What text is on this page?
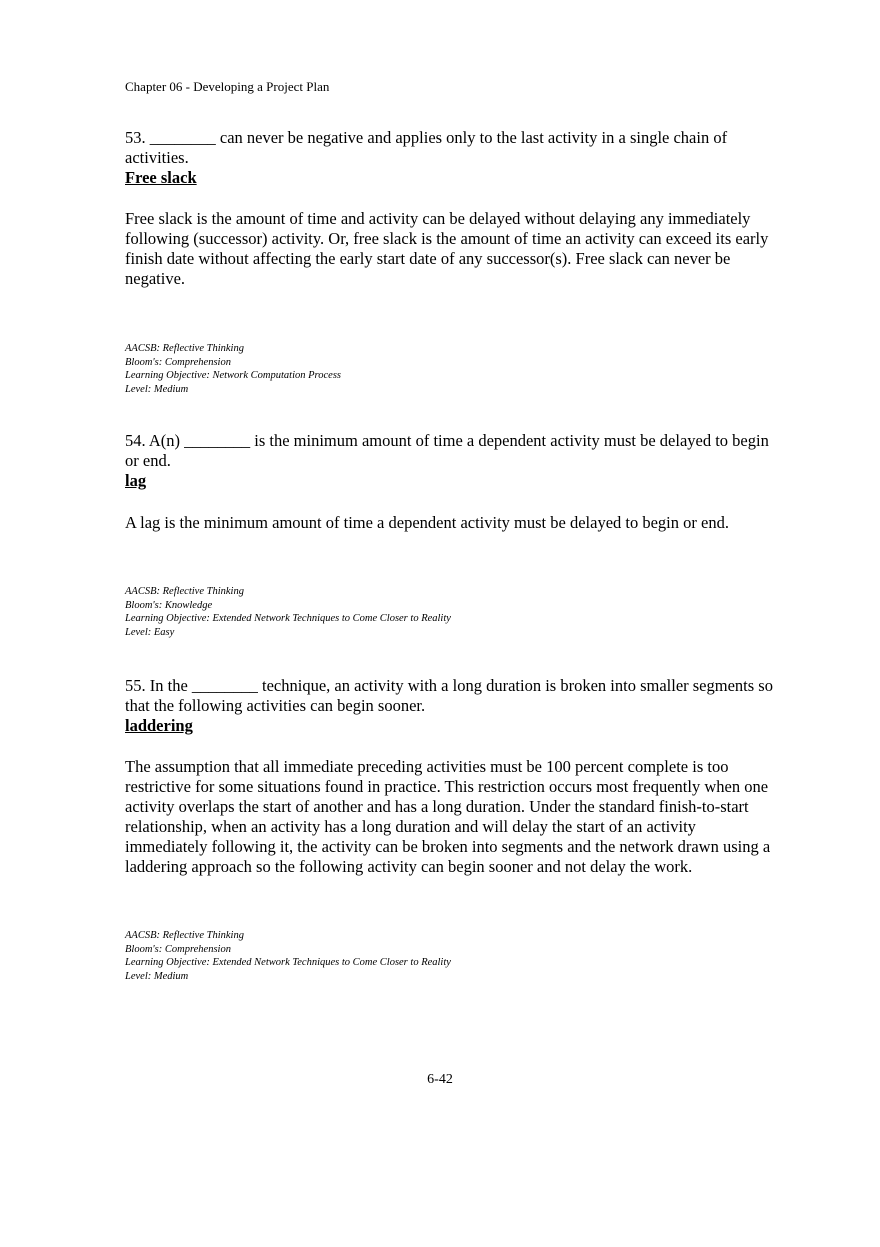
Chapter 06 - Developing a Project Plan

53. ________ can never be negative and applies only to the last activity in a single chain of activities.

Free slack

Free slack is the amount of time and activity can be delayed without delaying any immediately following (successor) activity. Or, free slack is the amount of time an activity can exceed its early finish date without affecting the early start date of any successor(s). Free slack can never be negative.

AACSB: Reflective Thinking
Bloom's: Comprehension
Learning Objective: Network Computation Process
Level: Medium

54. A(n) ________ is the minimum amount of time a dependent activity must be delayed to begin or end.

lag

A lag is the minimum amount of time a dependent activity must be delayed to begin or end.

AACSB: Reflective Thinking
Bloom's: Knowledge
Learning Objective: Extended Network Techniques to Come Closer to Reality
Level: Easy

55. In the ________ technique, an activity with a long duration is broken into smaller segments so that the following activities can begin sooner.

laddering

The assumption that all immediate preceding activities must be 100 percent complete is too restrictive for some situations found in practice. This restriction occurs most frequently when one activity overlaps the start of another and has a long duration. Under the standard finish-to-start relationship, when an activity has a long duration and will delay the start of an activity immediately following it, the activity can be broken into segments and the network drawn using a laddering approach so the following activity can begin sooner and not delay the work.

AACSB: Reflective Thinking
Bloom's: Comprehension
Learning Objective: Extended Network Techniques to Come Closer to Reality
Level: Medium
6-42
